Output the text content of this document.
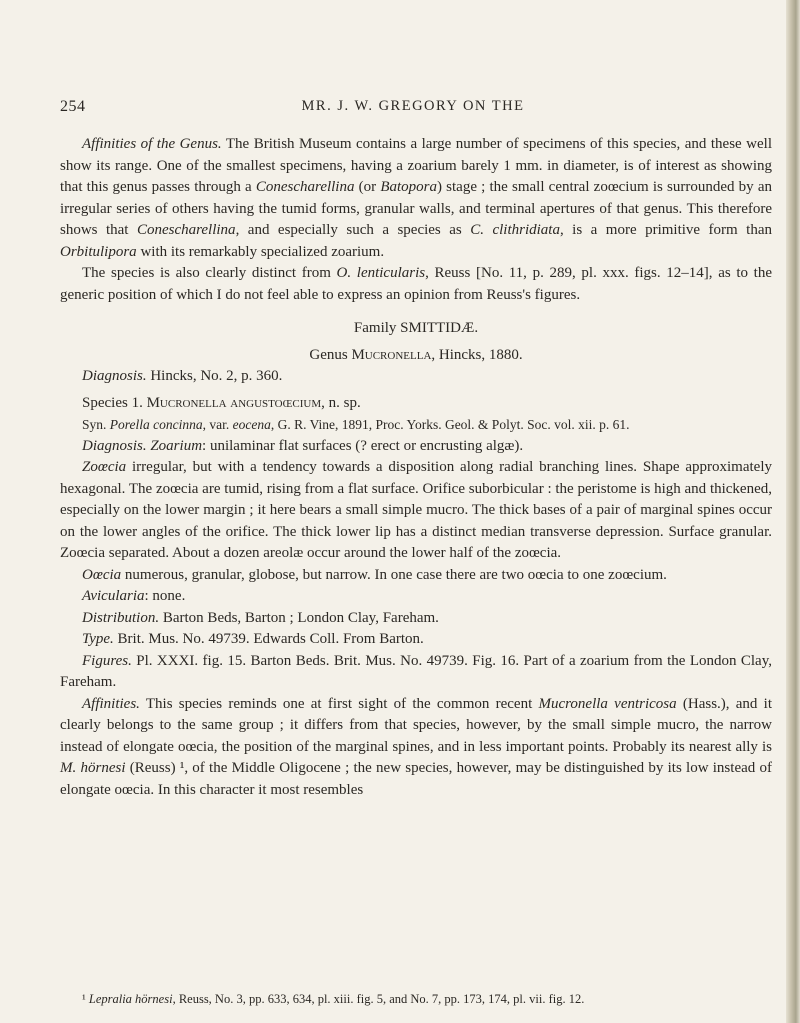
254	MR. J. W. GREGORY ON THE

Affinities of the Genus. The British Museum contains a large number of specimens of this species, and these well show its range. One of the smallest specimens, having a zoarium barely 1 mm. in diameter, is of interest as showing that this genus passes through a Conescharellina (or Batopora) stage ; the small central zoœcium is surrounded by an irregular series of others having the tumid forms, granular walls, and terminal apertures of that genus. This therefore shows that Conescharellina, and especially such a species as C. clithridiata, is a more primitive form than Orbitulipora with its remarkably specialized zoarium.

The species is also clearly distinct from O. lenticularis, Reuss [No. 11, p. 289, pl. xxx. figs. 12–14], as to the generic position of which I do not feel able to express an opinion from Reuss's figures.

Family SMITTIDÆ.

Genus Mucronella, Hincks, 1880.

Diagnosis. Hincks, No. 2, p. 360.

Species 1. Mucronella angustoœcium, n. sp.

Syn. Porella concinna, var. eocena, G. R. Vine, 1891, Proc. Yorks. Geol. & Polyt. Soc. vol. xii. p. 61.

Diagnosis. Zoarium: unilaminar flat surfaces (? erect or encrusting algæ).

Zoœcia irregular, but with a tendency towards a disposition along radial branching lines. Shape approximately hexagonal. The zoœcia are tumid, rising from a flat surface. Orifice suborbicular : the peristome is high and thickened, especially on the lower margin ; it here bears a small simple mucro. The thick bases of a pair of marginal spines occur on the lower angles of the orifice. The thick lower lip has a distinct median transverse depression. Surface granular. Zoœcia separated. About a dozen areolæ occur around the lower half of the zoœcia.

Oœcia numerous, granular, globose, but narrow. In one case there are two oœcia to one zoœcium.

Avicularia: none.

Distribution. Barton Beds, Barton ; London Clay, Fareham.

Type. Brit. Mus. No. 49739. Edwards Coll. From Barton.

Figures. Pl. XXXI. fig. 15. Barton Beds. Brit. Mus. No. 49739. Fig. 16. Part of a zoarium from the London Clay, Fareham.

Affinities. This species reminds one at first sight of the common recent Mucronella ventricosa (Hass.), and it clearly belongs to the same group ; it differs from that species, however, by the small simple mucro, the narrow instead of elongate oœcia, the position of the marginal spines, and in less important points. Probably its nearest ally is M. hörnesi (Reuss) ¹, of the Middle Oligocene ; the new species, however, may be distinguished by its low instead of elongate oœcia. In this character it most resembles

¹ Lepralia hörnesi, Reuss, No. 3, pp. 633, 634, pl. xiii. fig. 5, and No. 7, pp. 173, 174, pl. vii. fig. 12.
